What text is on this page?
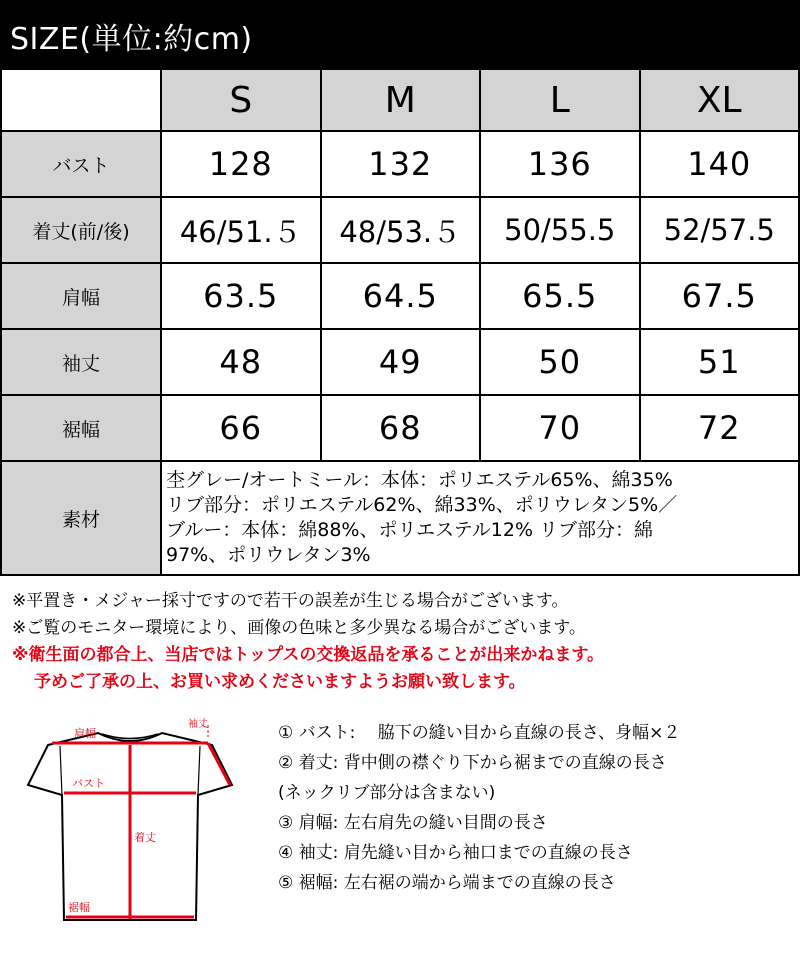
SIZE(単位:約cm)
	S	M	L	XL
バスト	128	132	136	140
着丈(前/後)	46/51.５	48/53.５	50/55.5	52/57.5
肩幅	63.5	64.5	65.5	67.5
袖丈	48	49	50	51
裾幅	66	68	70	72
素材	杢グレー/オートミール：本体：ポリエステル65%、綿35%
リブ部分：ポリエステル62%、綿33%、ポリウレタン5%／
ブルー：本体：綿88%、ポリエステル12% リブ部分：綿
97%、ポリウレタン3%			
※平置き・メジャー採寸ですので若干の誤差が生じる場合がございます。
※ご覧のモニター環境により、画像の色味と多少異なる場合がございます。
※衛生面の都合上、当店ではトップスの交換返品を承ることが出来かねます。
予めご了承の上、お買い求めくださいますようお願い致します。
肩幅
袖丈
バスト
着丈
裾幅
① バスト:　 脇下の縫い目から直線の長さ、身幅×２
② 着丈: 背中側の襟ぐり下から裾までの直線の長さ
(ネックリブ部分は含まない)
③ 肩幅: 左右肩先の縫い目間の長さ
④ 袖丈: 肩先縫い目から袖口までの直線の長さ
⑤ 裾幅: 左右裾の端から端までの直線の長さ
